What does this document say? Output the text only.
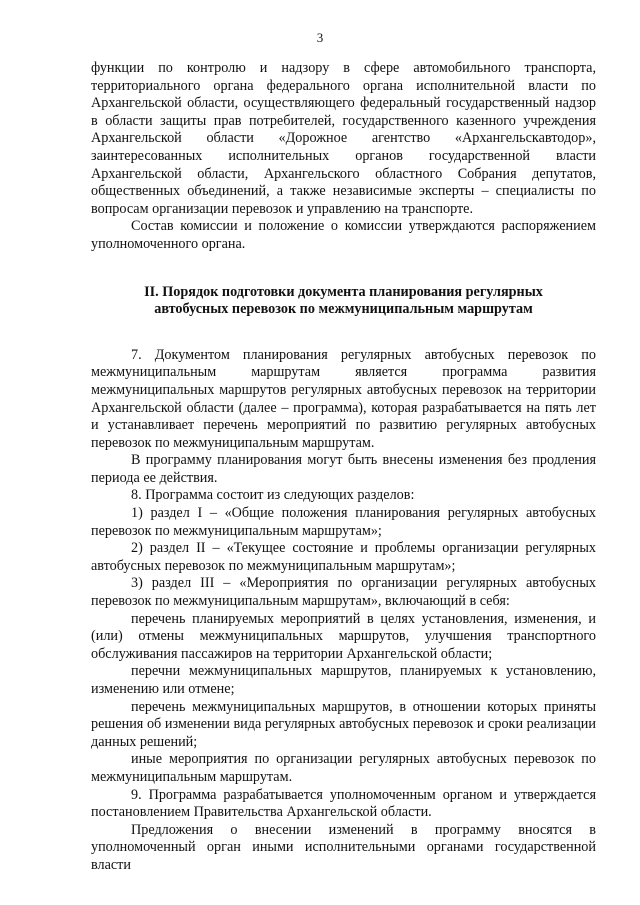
3

функции по контролю и надзору в сфере автомобильного транспорта, территориального органа федерального органа исполнительной власти по Архангельской области, осуществляющего федеральный государственный надзор в области защиты прав потребителей, государственного казенного учреждения Архангельской области «Дорожное агентство «Архангельскавтодор», заинтересованных исполнительных органов государственной власти Архангельской области, Архангельского областного Собрания депутатов, общественных объединений, а также независимые эксперты – специалисты по вопросам организации перевозок и управлению на транспорте.

Состав комиссии и положение о комиссии утверждаются распоряжением уполномоченного органа.

II. Порядок подготовки документа планирования регулярных
автобусных перевозок по межмуниципальным маршрутам

7. Документом планирования регулярных автобусных перевозок по межмуниципальным маршрутам является программа развития межмуниципальных маршрутов регулярных автобусных перевозок на территории Архангельской области (далее – программа), которая разрабатывается на пять лет и устанавливает перечень мероприятий по развитию регулярных автобусных перевозок по межмуниципальным маршрутам.

В программу планирования могут быть внесены изменения без продления периода ее действия.

8. Программа состоит из следующих разделов:

1) раздел I – «Общие положения планирования регулярных автобусных перевозок по межмуниципальным маршрутам»;

2) раздел II – «Текущее состояние и проблемы организации регулярных автобусных перевозок по межмуниципальным маршрутам»;

3) раздел III – «Мероприятия по организации регулярных автобусных перевозок по межмуниципальным маршрутам», включающий в себя:

перечень планируемых мероприятий в целях установления, изменения, и (или) отмены межмуниципальных маршрутов, улучшения транспортного обслуживания пассажиров на территории Архангельской области;

перечни межмуниципальных маршрутов, планируемых к установлению, изменению или отмене;

перечень межмуниципальных маршрутов, в отношении которых приняты решения об изменении вида регулярных автобусных перевозок и сроки реализации данных решений;

иные мероприятия по организации регулярных автобусных перевозок по межмуниципальным маршрутам.

9. Программа разрабатывается уполномоченным органом и утверждается постановлением Правительства Архангельской области.

Предложения о внесении изменений в программу вносятся в уполномоченный орган иными исполнительными органами государственной власти
